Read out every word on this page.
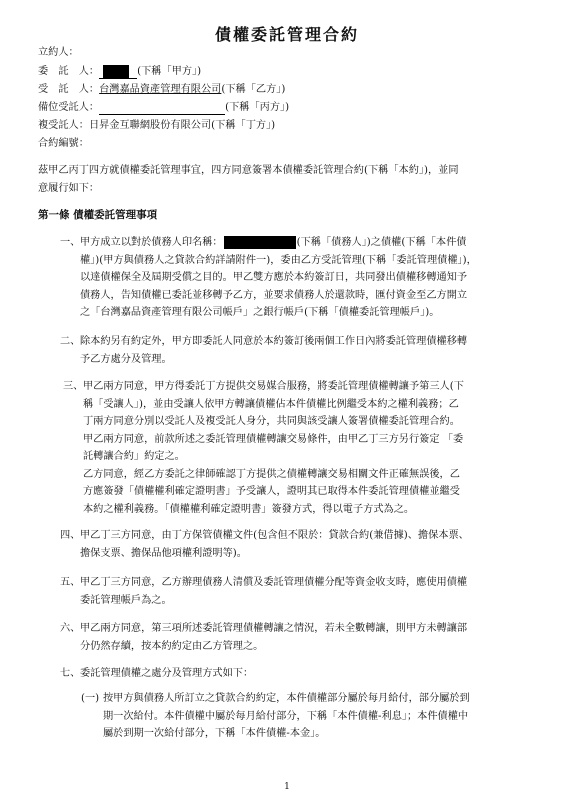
債權委託管理合約
立約人：
委　託　人：	(下稱「甲方」)
受　託　人：台灣嘉品資產管理有限公司(下稱「乙方」)
備位受託人：	(下稱「丙方」)
複受託人：日昇金互聯網股份有限公司(下稱「丁方」)
合約編號：
茲甲乙丙丁四方就債權委託管理事宜，四方同意簽署本債權委託管理合約(下稱「本約」)，並同
意履行如下：
第一條 債權委託管理事項
一、 甲方成立以對於債務人印名稱：	(下稱「債務人」)之債權(下稱「本件債
權」)(甲方與債務人之貸款合約詳請附件一)，委由乙方受託管理(下稱「委託管理債權」)，
以達債權保全及屆期受償之目的。甲乙雙方應於本約簽訂日，共同發出債權移轉通知予
債務人，告知債權已委託並移轉予乙方，並要求債務人於還款時，匯付資金至乙方開立
之「台灣嘉品資產管理有限公司帳戶」之銀行帳戶(下稱「債權委託管理帳戶」)。
二、 除本約另有約定外，甲方即委託人同意於本約簽訂後兩個工作日內將委託管理債權移轉
予乙方處分及管理。
三、 甲乙兩方同意，甲方得委託丁方提供交易媒合服務，將委託管理債權轉讓予第三人(下
稱「受讓人」)，並由受讓人依甲方轉讓債權佔本件債權比例繼受本約之權利義務；乙
丁兩方同意分別以受託人及複受託人身分，共同與該受讓人簽署債權委託管理合約。
甲乙兩方同意，前款所述之委託管理債權轉讓交易條件，由甲乙丁三方另行簽定 「委
託轉讓合約」約定之。
乙方同意，經乙方委託之律師確認丁方提供之債權轉讓交易相關文件正確無誤後，乙
方應簽發「債權權利確定證明書」予受讓人，證明其已取得本件委託管理債權並繼受
本約之權利義務。「債權權利確定證明書」簽發方式，得以電子方式為之。
四、 甲乙丁三方同意，由丁方保管債權文件(包含但不限於：貸款合約(兼借據)、擔保本票、
擔保支票、擔保品他項權利證明等)。
五、 甲乙丁三方同意，乙方辦理債務人清償及委託管理債權分配等資金收支時，應使用債權
委託管理帳戶為之。
六、 甲乙兩方同意，第三項所述委託管理債權轉讓之情況，若未全數轉讓，則甲方未轉讓部
分仍然存續，按本約約定由乙方管理之。
七、 委託管理債權之處分及管理方式如下：
(一) 按甲方與債務人所訂立之貸款合約約定，本件債權部分屬於每月給付，部分屬於到
期一次給付。本件債權中屬於每月給付部分，下稱「本件債權-利息」；本件債權中
屬於到期一次給付部分，下稱「本件債權-本金」。
1
